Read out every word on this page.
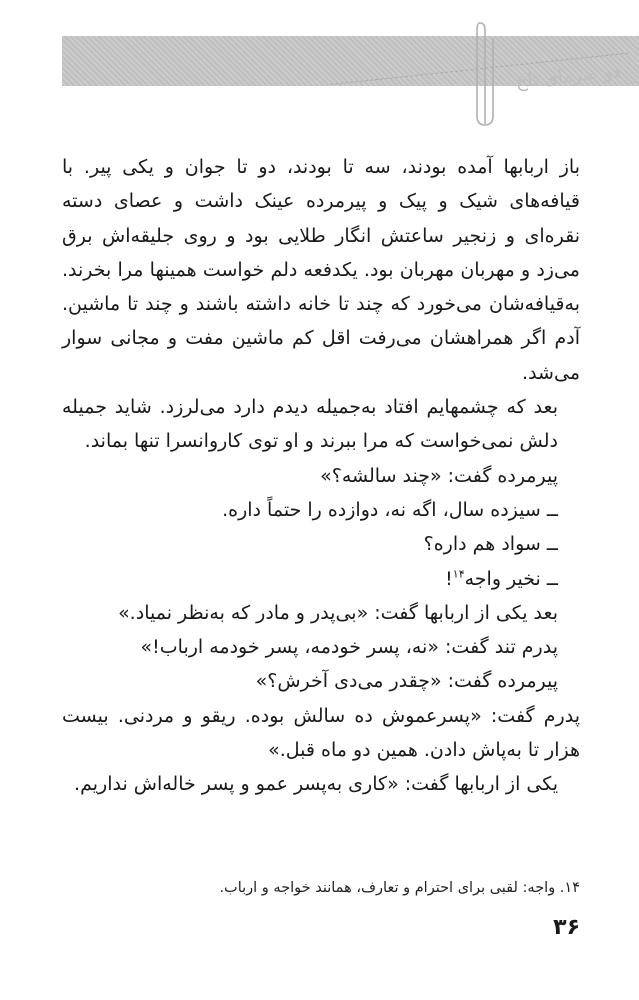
دو ضرمای تلخ

باز اربابها آمده بودند، سه تا بودند، دو تا جوان و یکی پیر. با قیافه‌های شیک و پیک و پیرمرده عینک داشت و عصای دسته نقره‌ای و زنجیر ساعتش انگار طلایی بود و روی جلیقه‌اش برق می‌زد و مهربان مهربان بود. یکدفعه دلم خواست همینها مرا بخرند. به‌قیافه‌شان می‌خورد که چند تا خانه داشته باشند و چند تا ماشین. آدم اگر همراهشان می‌رفت اقل کم ماشین مفت و مجانی سوار می‌شد.

بعد که چشمهایم افتاد به‌جمیله دیدم دارد می‌لرزد. شاید جمیله دلش نمی‌خواست که مرا ببرند و او توی کاروانسرا تنها بماند.

پیرمرده گفت: «چند سالشه؟»

ــ سیزده سال، اگه نه، دوازده را حتماً داره.

ــ سواد هم داره؟

ــ نخیر واجه$^{۱۴}$!

بعد یکی از اربابها گفت: «بی‌پدر و مادر که به‌نظر نمیاد.»

پدرم تند گفت: «نه، پسر خودمه، پسر خودمه ارباب!»

پیرمرده گفت: «چقدر می‌دی آخرش؟»

پدرم گفت: «پسرعموش ده سالش بوده. ریقو و مردنی. بیست هزار تا به‌پاش دادن. همین دو ماه قبل.»

یکی از اربابها گفت: «کاری به‌پسر عمو و پسر خاله‌اش نداریم.

۱۴. واجه: لقبی برای احترام و تعارف، همانند خواجه و ارباب.
۳۶
